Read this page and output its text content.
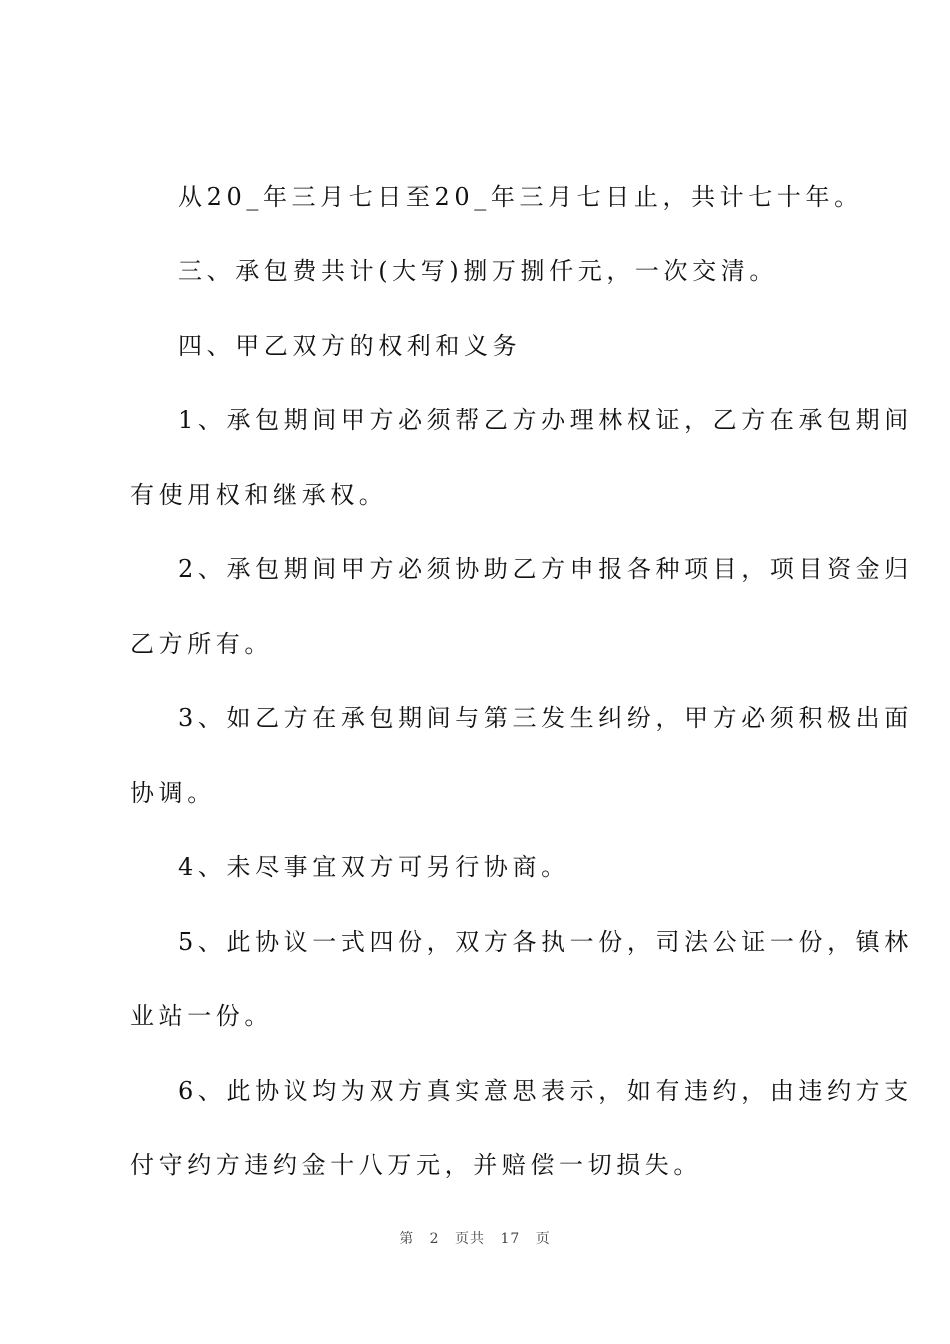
从20_年三月七日至20_年三月七日止，共计七十年。
三、承包费共计(大写)捌万捌仟元，一次交清。
四、甲乙双方的权利和义务
1、承包期间甲方必须帮乙方办理林权证，乙方在承包期间
有使用权和继承权。
2、承包期间甲方必须协助乙方申报各种项目，项目资金归
乙方所有。
3、如乙方在承包期间与第三发生纠纷，甲方必须积极出面
协调。
4、未尽事宜双方可另行协商。
5、此协议一式四份，双方各执一份，司法公证一份，镇林
业站一份。
6、此协议均为双方真实意思表示，如有违约，由违约方支
付守约方违约金十八万元，并赔偿一切损失。
第 2 页共 17 页
